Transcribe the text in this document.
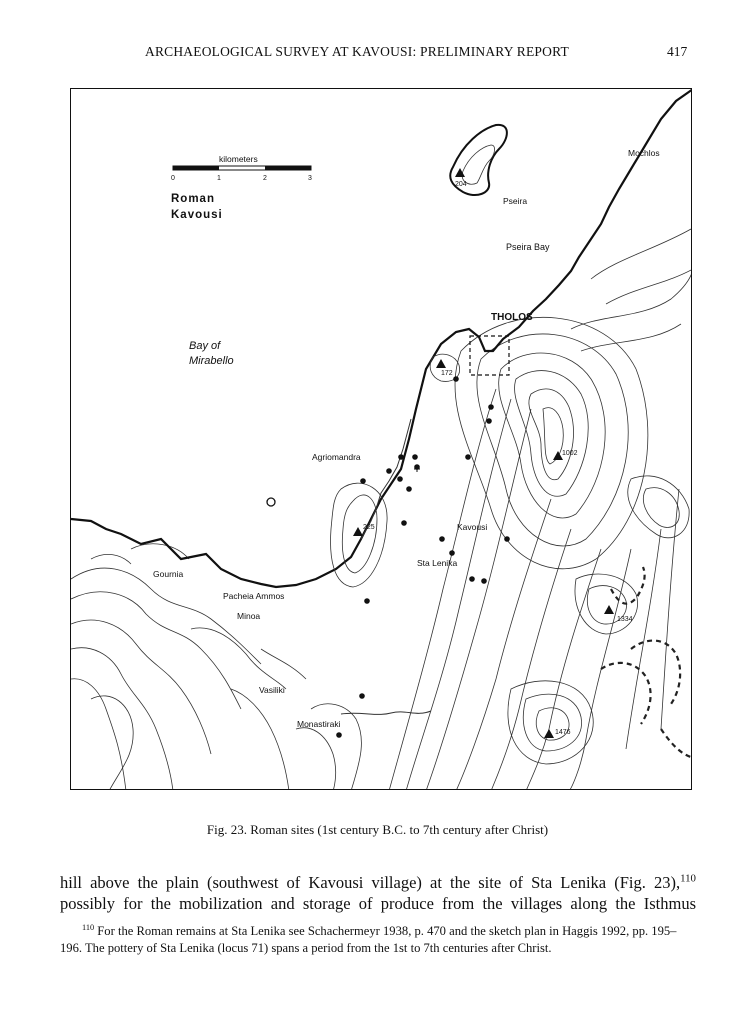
ARCHAEOLOGICAL SURVEY AT KAVOUSI: PRELIMINARY REPORT	417
kilometers
0	1	2	3
Roman
Kavousi
Mochlos
Pseira
Pseira Bay
THOLOS
Bay of
Mirabello
Agriomandra
Kavousi
Sta Lenika
Gournia
Pacheia Ammos
Minoa
Vasiliki
Monastiraki
204
172
225
1002
1334
1476
Fig. 23. Roman sites (1st century B.C. to 7th century after Christ)

hill above the plain (southwest of Kavousi village) at the site of Sta Lenika (Fig. 23),$^{110}$

possibly for the mobilization and storage of produce from the villages along the Isthmus

$^{110}$ For the Roman remains at Sta Lenika see Schachermeyr 1938, p. 470 and the sketch plan in Haggis 1992, pp. 195–196. The pottery of Sta Lenika (locus 71) spans a period from the 1st to 7th centuries after Christ.
